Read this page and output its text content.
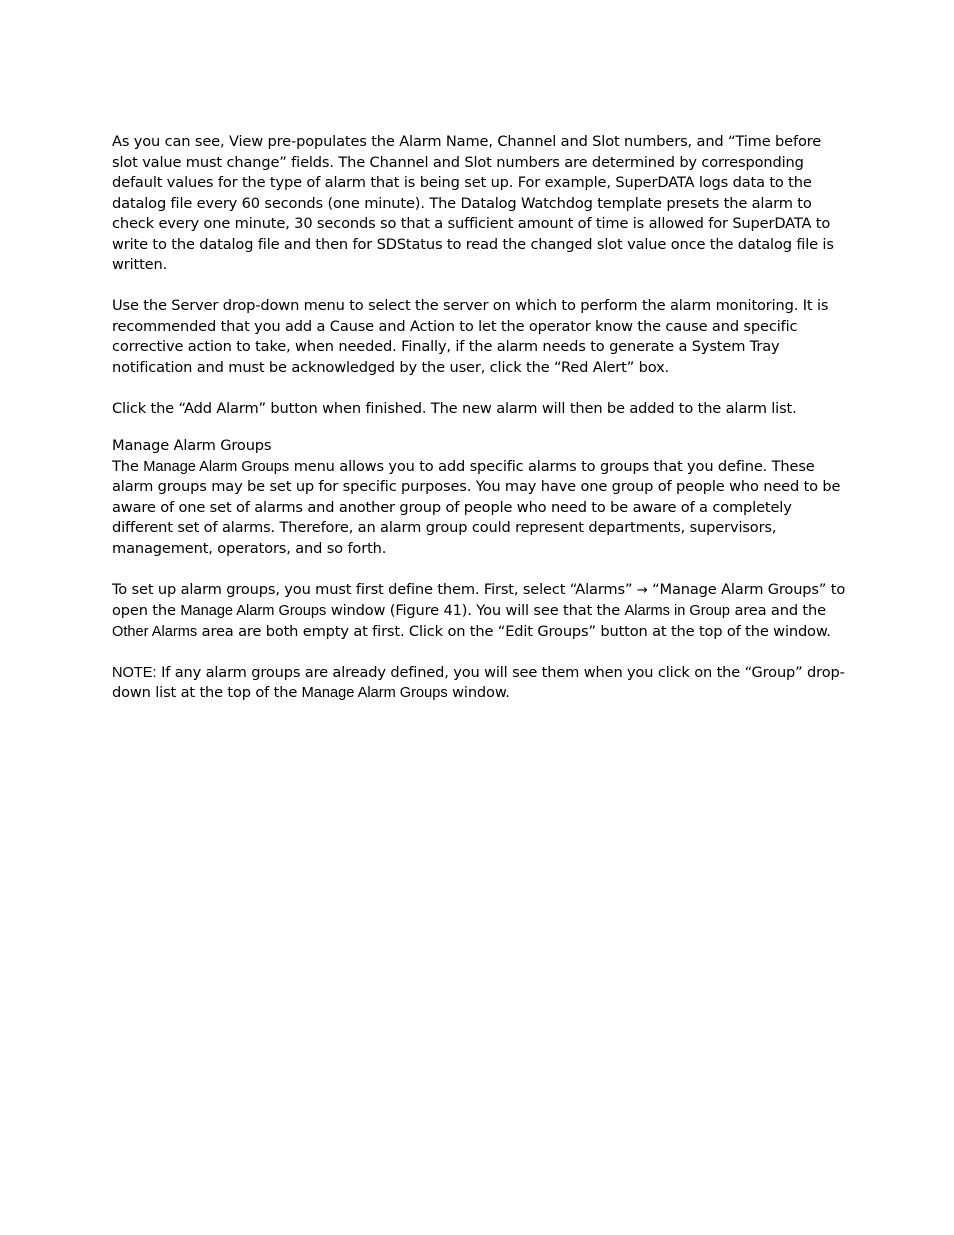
As you can see, View pre-populates the Alarm Name, Channel and Slot numbers, and “Time before slot value must change” fields. The Channel and Slot numbers are determined by corresponding default values for the type of alarm that is being set up. For example, SuperDATA logs data to the datalog file every 60 seconds (one minute). The Datalog Watchdog template presets the alarm to check every one minute, 30 seconds so that a sufficient amount of time is allowed for SuperDATA to write to the datalog file and then for SDStatus to read the changed slot value once the datalog file is written.

Use the Server drop-down menu to select the server on which to perform the alarm monitoring. It is recommended that you add a Cause and Action to let the operator know the cause and specific corrective action to take, when needed. Finally, if the alarm needs to generate a System Tray notification and must be acknowledged by the user, click the “Red Alert” box.

Click the “Add Alarm” button when finished. The new alarm will then be added to the alarm list.

Manage Alarm Groups

The Manage Alarm Groups menu allows you to add specific alarms to groups that you define. These alarm groups may be set up for specific purposes. You may have one group of people who need to be aware of one set of alarms and another group of people who need to be aware of a completely different set of alarms. Therefore, an alarm group could represent departments, supervisors, management, operators, and so forth.

To set up alarm groups, you must first define them. First, select “Alarms” → “Manage Alarm Groups” to open the Manage Alarm Groups window (Figure 41). You will see that the Alarms in Group area and the Other Alarms area are both empty at first. Click on the “Edit Groups” button at the top of the window.

NOTE: If any alarm groups are already defined, you will see them when you click on the “Group” drop-down list at the top of the Manage Alarm Groups window.
